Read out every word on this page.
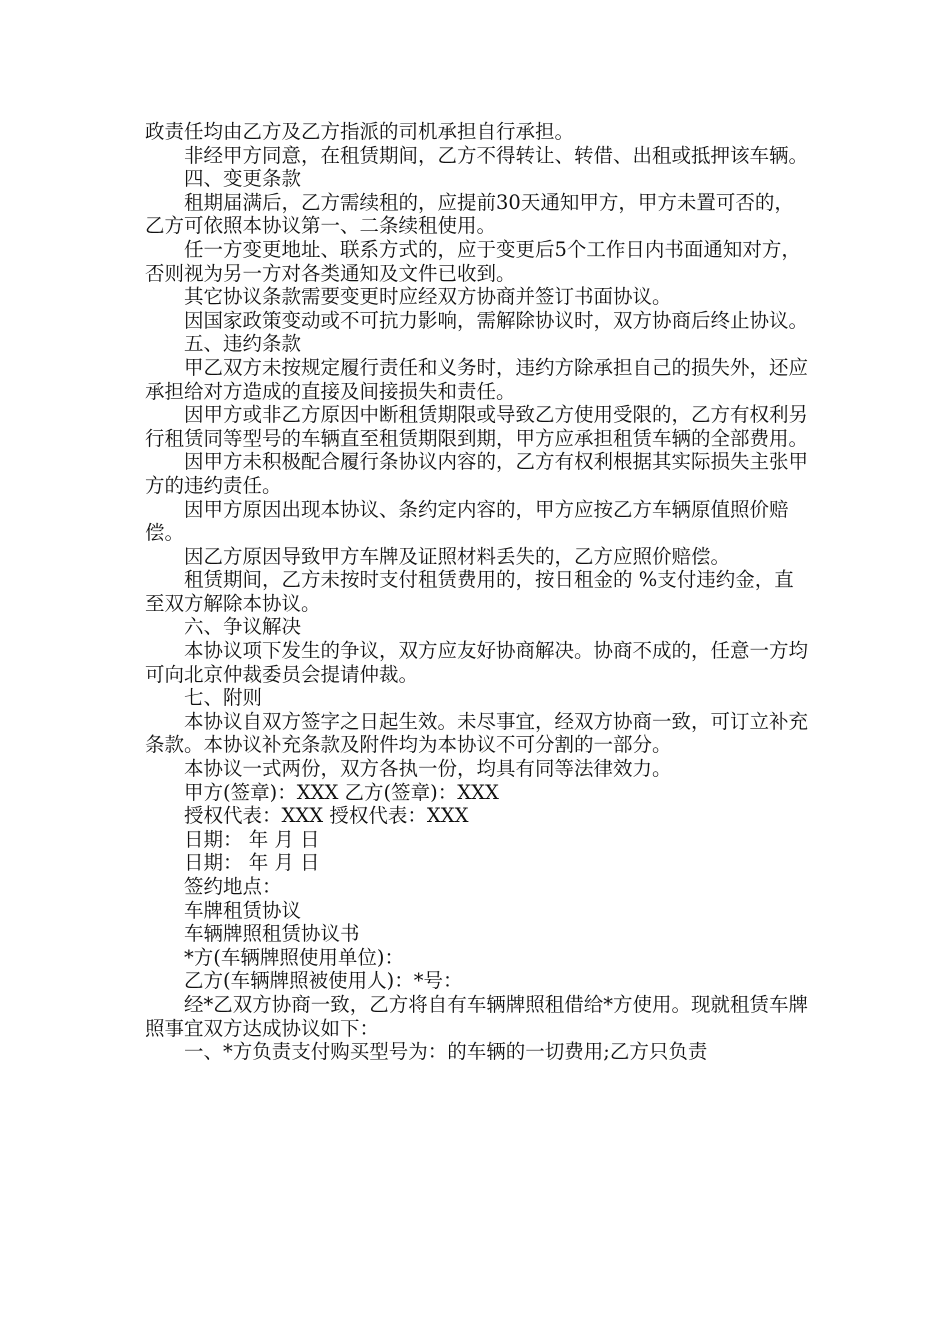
政责任均由乙方及乙方指派的司机承担自行承担。

非经甲方同意，在租赁期间，乙方不得转让、转借、出租或抵押该车辆。

四、变更条款

租期届满后，乙方需续租的，应提前30天通知甲方，甲方未置可否的，乙方可依照本协议第一、二条续租使用。

任一方变更地址、联系方式的，应于变更后5个工作日内书面通知对方，否则视为另一方对各类通知及文件已收到。

其它协议条款需要变更时应经双方协商并签订书面协议。

因国家政策变动或不可抗力影响，需解除协议时，双方协商后终止协议。

五、违约条款

甲乙双方未按规定履行责任和义务时，违约方除承担自己的损失外，还应承担给对方造成的直接及间接损失和责任。

因甲方或非乙方原因中断租赁期限或导致乙方使用受限的，乙方有权利另行租赁同等型号的车辆直至租赁期限到期，甲方应承担租赁车辆的全部费用。

因甲方未积极配合履行条协议内容的，乙方有权利根据其实际损失主张甲方的违约责任。

因甲方原因出现本协议、条约定内容的，甲方应按乙方车辆原值照价赔偿。

因乙方原因导致甲方车牌及证照材料丢失的，乙方应照价赔偿。

租赁期间，乙方未按时支付租赁费用的，按日租金的 %支付违约金，直至双方解除本协议。

六、争议解决

本协议项下发生的争议，双方应友好协商解决。协商不成的，任意一方均可向北京仲裁委员会提请仲裁。

七、附则

本协议自双方签字之日起生效。未尽事宜，经双方协商一致，可订立补充条款。本协议补充条款及附件均为本协议不可分割的一部分。

本协议一式两份，双方各执一份，均具有同等法律效力。

甲方(签章)：XXX 乙方(签章)：XXX

授权代表：XXX 授权代表：XXX

日期： 年 月 日

日期： 年 月 日

签约地点：

车牌租赁协议

车辆牌照租赁协议书

*方(车辆牌照使用单位)：

乙方(车辆牌照被使用人)：*号：

经*乙双方协商一致，乙方将自有车辆牌照租借给*方使用。现就租赁车牌照事宜双方达成协议如下：

一、*方负责支付购买型号为：的车辆的一切费用;乙方只负责
